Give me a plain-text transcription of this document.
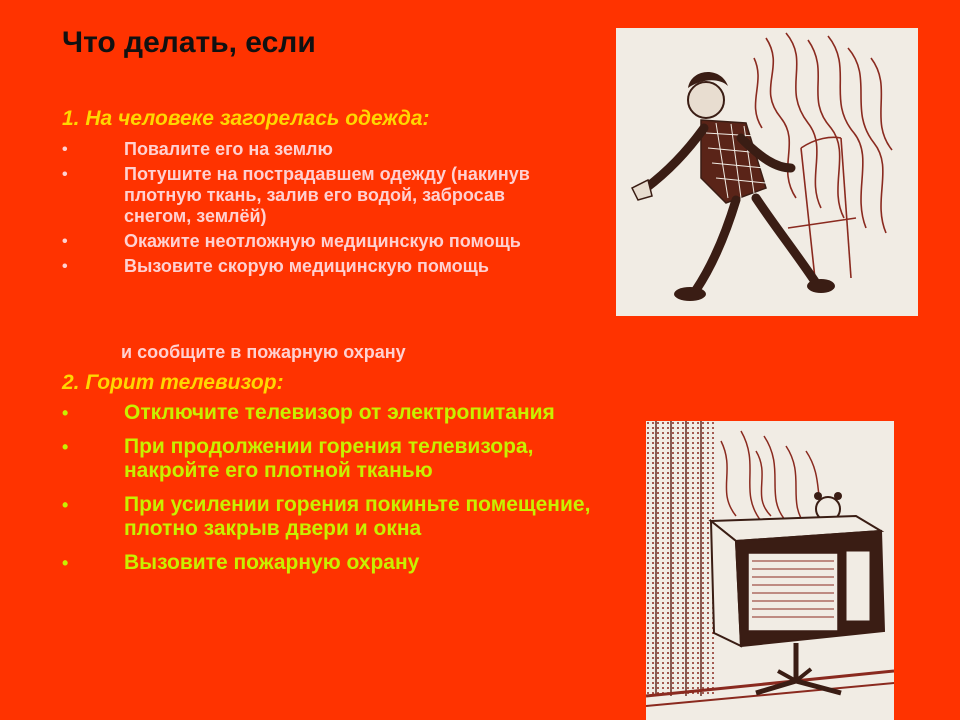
Что делать, если
1. На человеке загорелась одежда:
•	Повалите его на землю
•	Потушите на пострадавшем одежду (накинув плотную ткань, залив его водой, забросав снегом, землёй)
•	Окажите неотложную медицинскую помощь
•	Вызовите скорую медицинскую помощь
и сообщите в пожарную охрану
2. Горит телевизор:
•	Отключите телевизор от электропитания
•	При продолжении горения телевизора, накройте его плотной тканью
•	При усилении горения покиньте помещение, плотно закрыв двери и окна
•	Вызовите пожарную охрану
